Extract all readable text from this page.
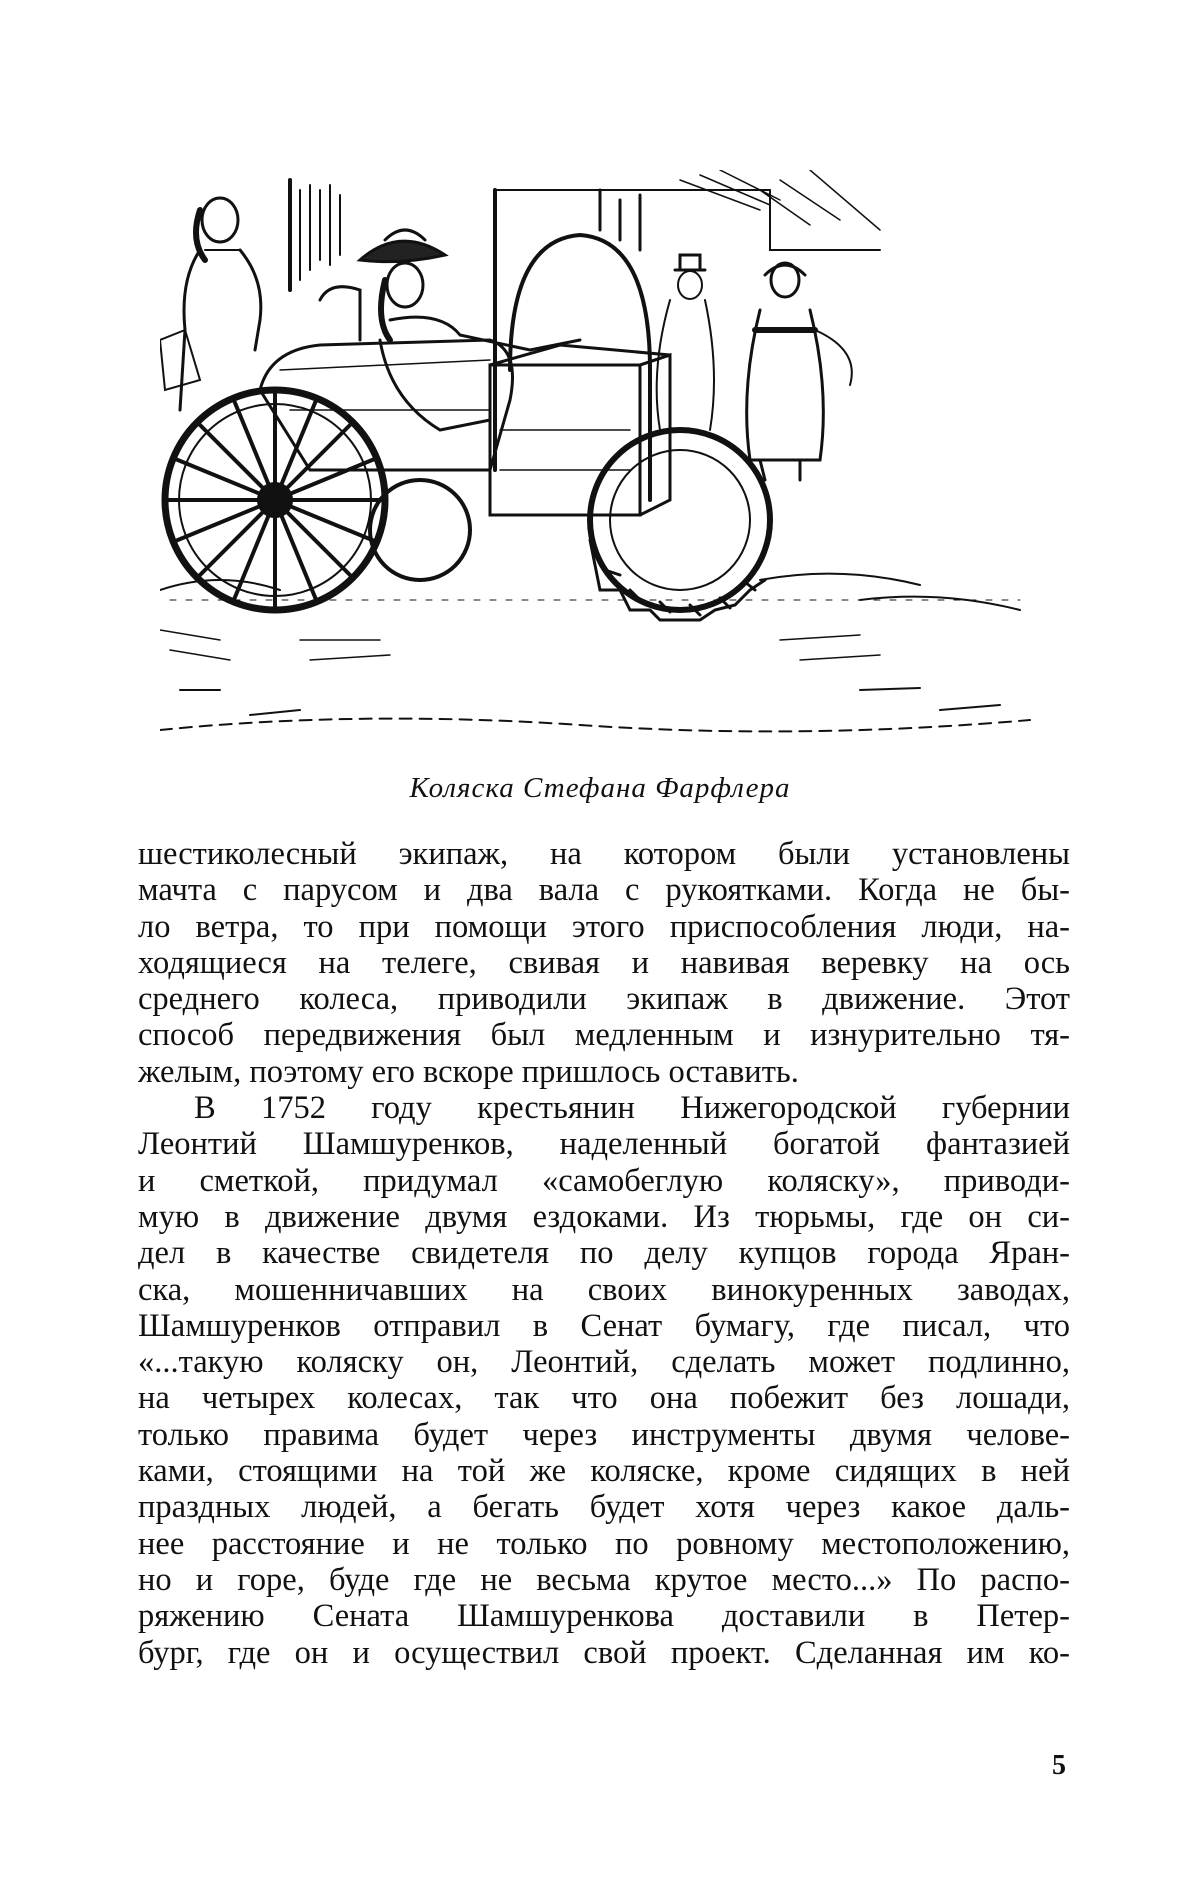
Коляска Стефана Фарфлера
шестиколесный экипаж, на котором были установлены
мачта с парусом и два вала с рукоятками. Когда не бы-
ло ветра, то при помощи этого приспособления люди, на-
ходящиеся на телеге, свивая и навивая веревку на ось
среднего колеса, приводили экипаж в движение. Этот
способ передвижения был медленным и изнурительно тя-
желым, поэтому его вскоре пришлось оставить.
В 1752 году крестьянин Нижегородской губернии
Леонтий Шамшуренков, наделенный богатой фантазией
и сметкой, придумал «самобеглую коляску», приводи-
мую в движение двумя ездоками. Из тюрьмы, где он си-
дел в качестве свидетеля по делу купцов города Яран-
ска, мошенничавших на своих винокуренных заводах,
Шамшуренков отправил в Сенат бумагу, где писал, что
«...такую коляску он, Леонтий, сделать может подлинно,
на четырех колесах, так что она побежит без лошади,
только правима будет через инструменты двумя челове-
ками, стоящими на той же коляске, кроме сидящих в ней
праздных людей, а бегать будет хотя через какое даль-
нее расстояние и не только по ровному местоположению,
но и горе, буде где не весьма крутое место...» По распо-
ряжению Сената Шамшуренкова доставили в Петер-
бург, где он и осуществил свой проект. Сделанная им ко-
5
